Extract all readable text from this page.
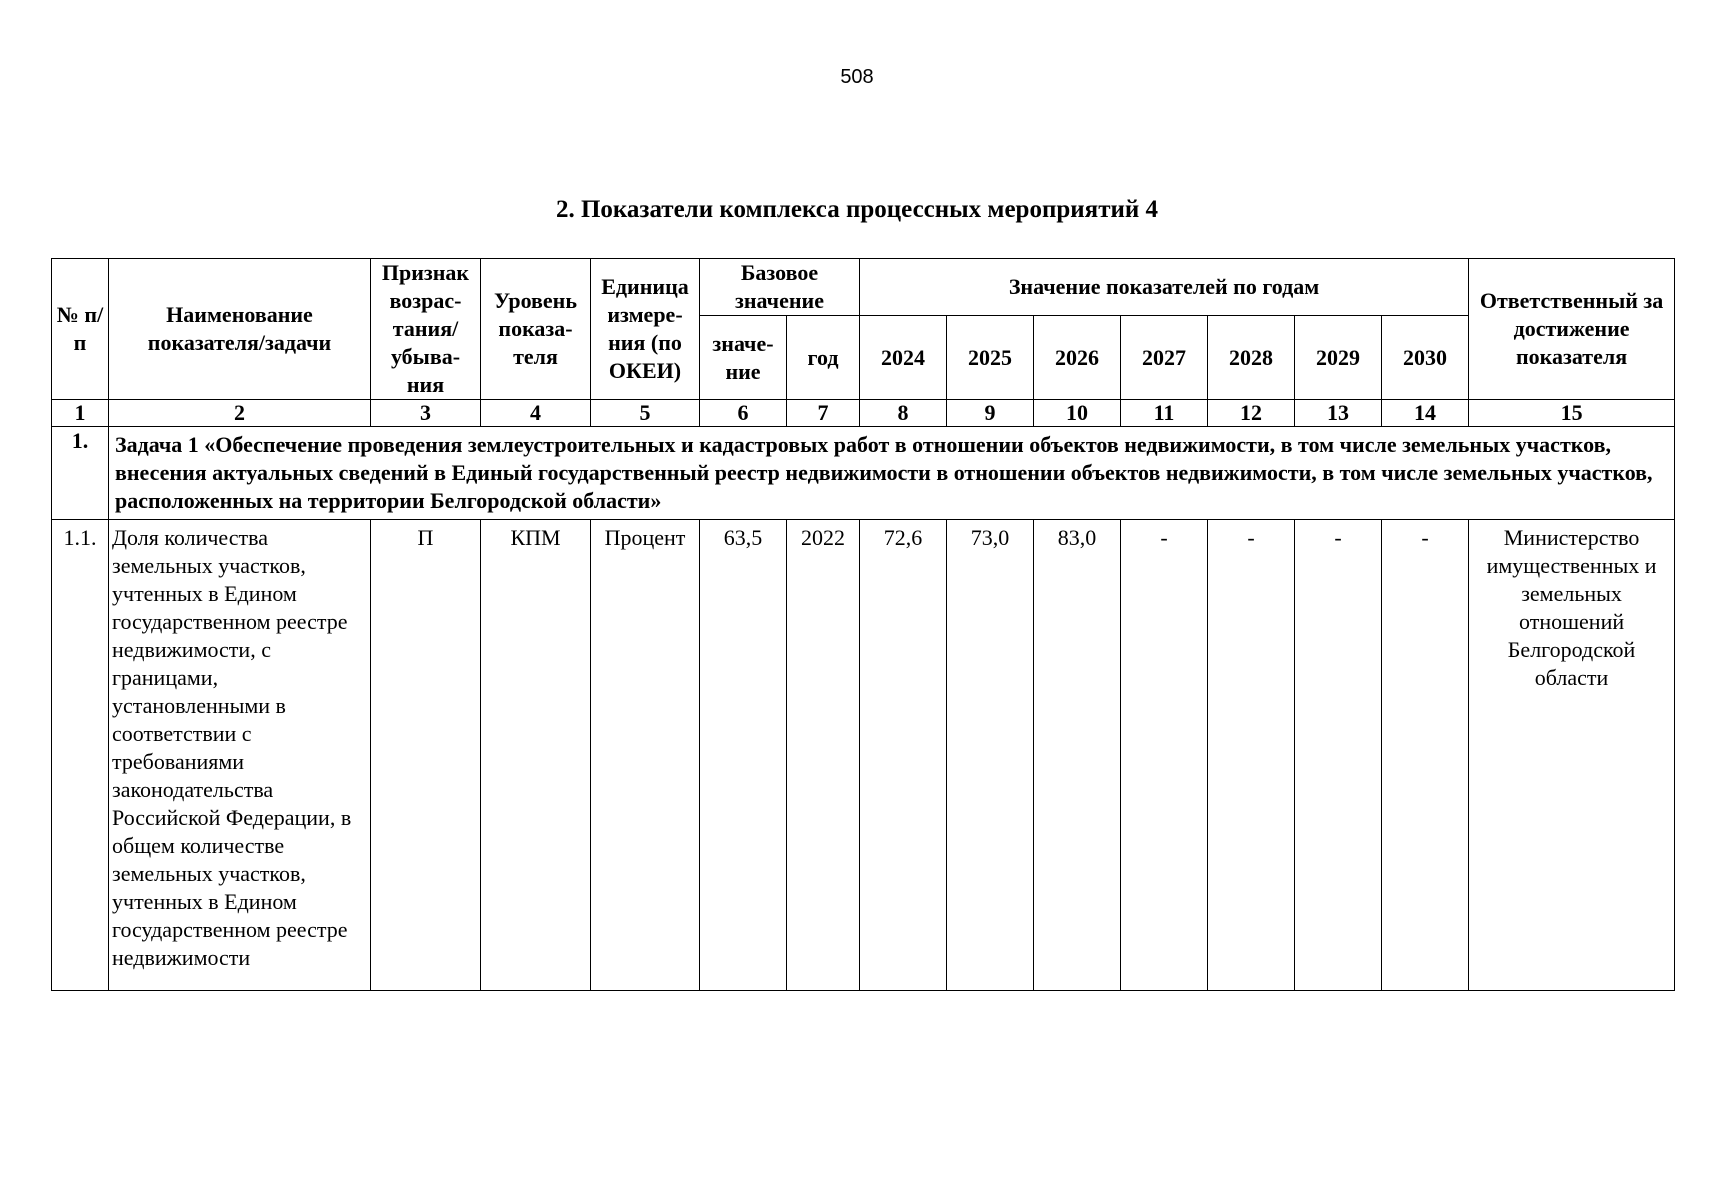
508
2. Показатели комплекса процессных мероприятий 4
№ п/п	Наименование показателя/задачи	Признак возрас-тания/ убыва-ния	Уровень показа-теля	Единица измере-ния (по ОКЕИ)	Базовое значение		Значение показателей по годам							Ответственный за достижение показателя
					значе-ние	год	2024	2025	2026	2027	2028	2029	2030	
1	2	3	4	5	6	7	8	9	10	11	12	13	14	15
1.	Задача 1 «Обеспечение проведения землеустроительных и кадастровых работ в отношении объектов недвижимости, в том числе земельных участков, внесения актуальных сведений в Единый государственный реестр недвижимости в отношении объектов недвижимости, в том числе земельных участков, расположенных на территории Белгородской области»													
1.1.	Доля количества земельных участков, учтенных в Едином государственном реестре недвижимости, с границами, установленными в соответствии с требованиями законодательства Российской Федерации, в общем количестве земельных участков, учтенных в Едином государственном реестре недвижимости	П	КПМ	Процент	63,5	2022	72,6	73,0	83,0	-	-	-	-	Министерство имущественных и земельных отношений Белгородской области
